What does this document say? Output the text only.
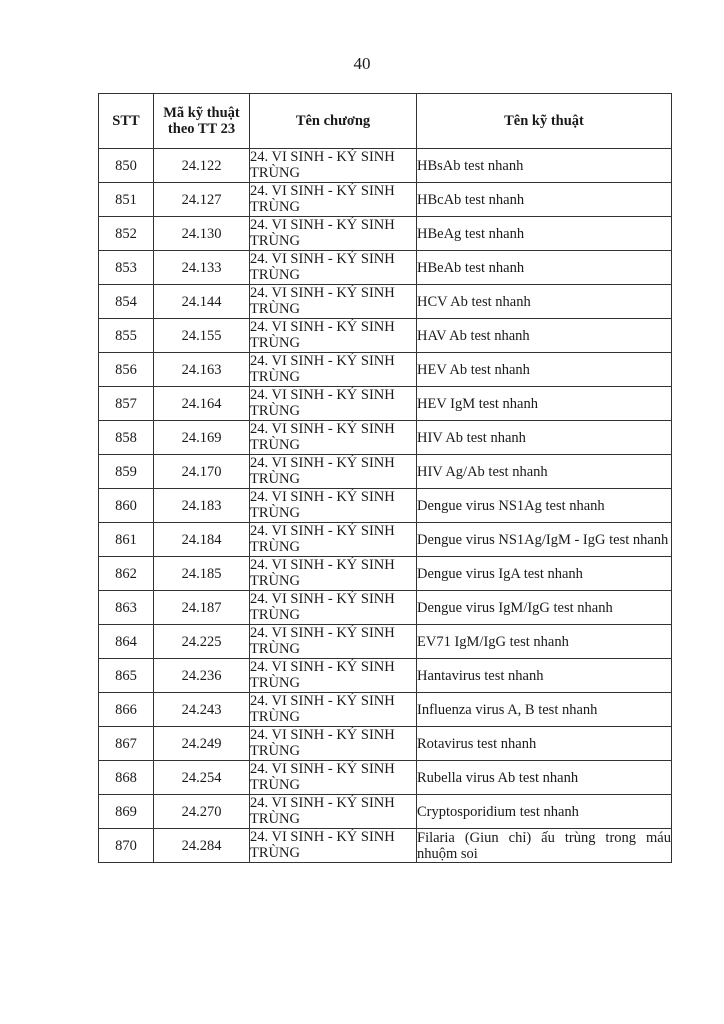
40
STT	Mã kỹ thuật theo TT 23	Tên chương	Tên kỹ thuật
850	24.122	24. VI SINH - KÝ SINH TRÙNG	HBsAb test nhanh
851	24.127	24. VI SINH - KÝ SINH TRÙNG	HBcAb test nhanh
852	24.130	24. VI SINH - KÝ SINH TRÙNG	HBeAg test nhanh
853	24.133	24. VI SINH - KÝ SINH TRÙNG	HBeAb test nhanh
854	24.144	24. VI SINH - KÝ SINH TRÙNG	HCV Ab test nhanh
855	24.155	24. VI SINH - KÝ SINH TRÙNG	HAV Ab test nhanh
856	24.163	24. VI SINH - KÝ SINH TRÙNG	HEV Ab test nhanh
857	24.164	24. VI SINH - KÝ SINH TRÙNG	HEV IgM test nhanh
858	24.169	24. VI SINH - KÝ SINH TRÙNG	HIV Ab test nhanh
859	24.170	24. VI SINH - KÝ SINH TRÙNG	HIV Ag/Ab test nhanh
860	24.183	24. VI SINH - KÝ SINH TRÙNG	Dengue virus NS1Ag test nhanh
861	24.184	24. VI SINH - KÝ SINH TRÙNG	Dengue virus NS1Ag/IgM - IgG test nhanh
862	24.185	24. VI SINH - KÝ SINH TRÙNG	Dengue virus IgA test nhanh
863	24.187	24. VI SINH - KÝ SINH TRÙNG	Dengue virus IgM/IgG test nhanh
864	24.225	24. VI SINH - KÝ SINH TRÙNG	EV71 IgM/IgG test nhanh
865	24.236	24. VI SINH - KÝ SINH TRÙNG	Hantavirus test nhanh
866	24.243	24. VI SINH - KÝ SINH TRÙNG	Influenza virus A, B test nhanh
867	24.249	24. VI SINH - KÝ SINH TRÙNG	Rotavirus test nhanh
868	24.254	24. VI SINH - KÝ SINH TRÙNG	Rubella virus Ab test nhanh
869	24.270	24. VI SINH - KÝ SINH TRÙNG	Cryptosporidium test nhanh
870	24.284	24. VI SINH - KÝ SINH TRÙNG	Filaria (Giun chỉ) ấu trùng trong máu nhuộm soi
